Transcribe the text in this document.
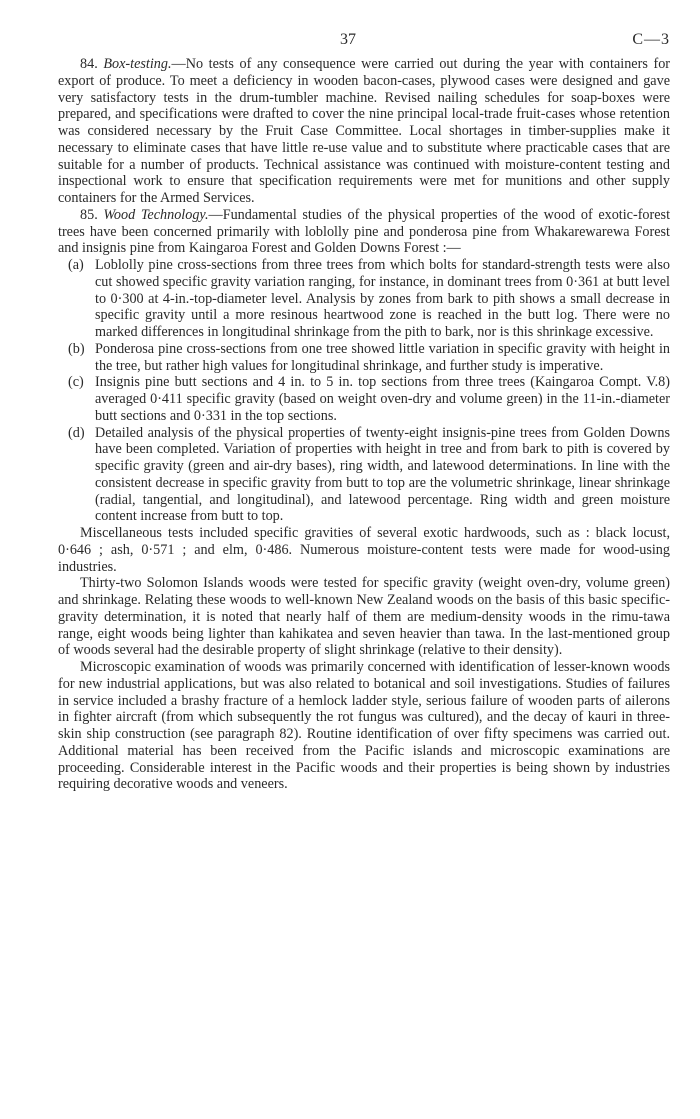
37	C—3

84. Box-testing.—No tests of any consequence were carried out during the year with containers for export of produce. To meet a deficiency in wooden bacon-cases, plywood cases were designed and gave very satisfactory tests in the drum-tumbler machine. Revised nailing schedules for soap-boxes were prepared, and specifications were drafted to cover the nine principal local-trade fruit-cases whose retention was considered necessary by the Fruit Case Committee. Local shortages in timber-supplies make it necessary to eliminate cases that have little re-use value and to substitute where practicable cases that are suitable for a number of products. Technical assistance was continued with moisture-content testing and inspectional work to ensure that specification requirements were met for munitions and other supply containers for the Armed Services.

85. Wood Technology.—Fundamental studies of the physical properties of the wood of exotic-forest trees have been concerned primarily with loblolly pine and ponderosa pine from Whakarewarewa Forest and insignis pine from Kaingaroa Forest and Golden Downs Forest :—

(a) Loblolly pine cross-sections from three trees from which bolts for standard-strength tests were also cut showed specific gravity variation ranging, for instance, in dominant trees from 0·361 at butt level to 0·300 at 4-in.-top-diameter level. Analysis by zones from bark to pith shows a small decrease in specific gravity until a more resinous heartwood zone is reached in the butt log. There were no marked differences in longitudinal shrinkage from the pith to bark, nor is this shrinkage excessive.

(b) Ponderosa pine cross-sections from one tree showed little variation in specific gravity with height in the tree, but rather high values for longitudinal shrinkage, and further study is imperative.

(c) Insignis pine butt sections and 4 in. to 5 in. top sections from three trees (Kaingaroa Compt. V.8) averaged 0·411 specific gravity (based on weight oven-dry and volume green) in the 11-in.-diameter butt sections and 0·331 in the top sections.

(d) Detailed analysis of the physical properties of twenty-eight insignis-pine trees from Golden Downs have been completed. Variation of properties with height in tree and from bark to pith is covered by specific gravity (green and air-dry bases), ring width, and latewood determinations. In line with the consistent decrease in specific gravity from butt to top are the volumetric shrinkage, linear shrinkage (radial, tangential, and longitudinal), and latewood percentage. Ring width and green moisture content increase from butt to top.

Miscellaneous tests included specific gravities of several exotic hardwoods, such as : black locust, 0·646 ; ash, 0·571 ; and elm, 0·486. Numerous moisture-content tests were made for wood-using industries.

Thirty-two Solomon Islands woods were tested for specific gravity (weight oven-dry, volume green) and shrinkage. Relating these woods to well-known New Zealand woods on the basis of this basic specific-gravity determination, it is noted that nearly half of them are medium-density woods in the rimu-tawa range, eight woods being lighter than kahikatea and seven heavier than tawa. In the last-mentioned group of woods several had the desirable property of slight shrinkage (relative to their density).

Microscopic examination of woods was primarily concerned with identification of lesser-known woods for new industrial applications, but was also related to botanical and soil investigations. Studies of failures in service included a brashy fracture of a hemlock ladder style, serious failure of wooden parts of ailerons in fighter aircraft (from which subsequently the rot fungus was cultured), and the decay of kauri in three-skin ship construction (see paragraph 82). Routine identification of over fifty specimens was carried out. Additional material has been received from the Pacific islands and microscopic examinations are proceeding. Considerable interest in the Pacific woods and their properties is being shown by industries requiring decorative woods and veneers.
